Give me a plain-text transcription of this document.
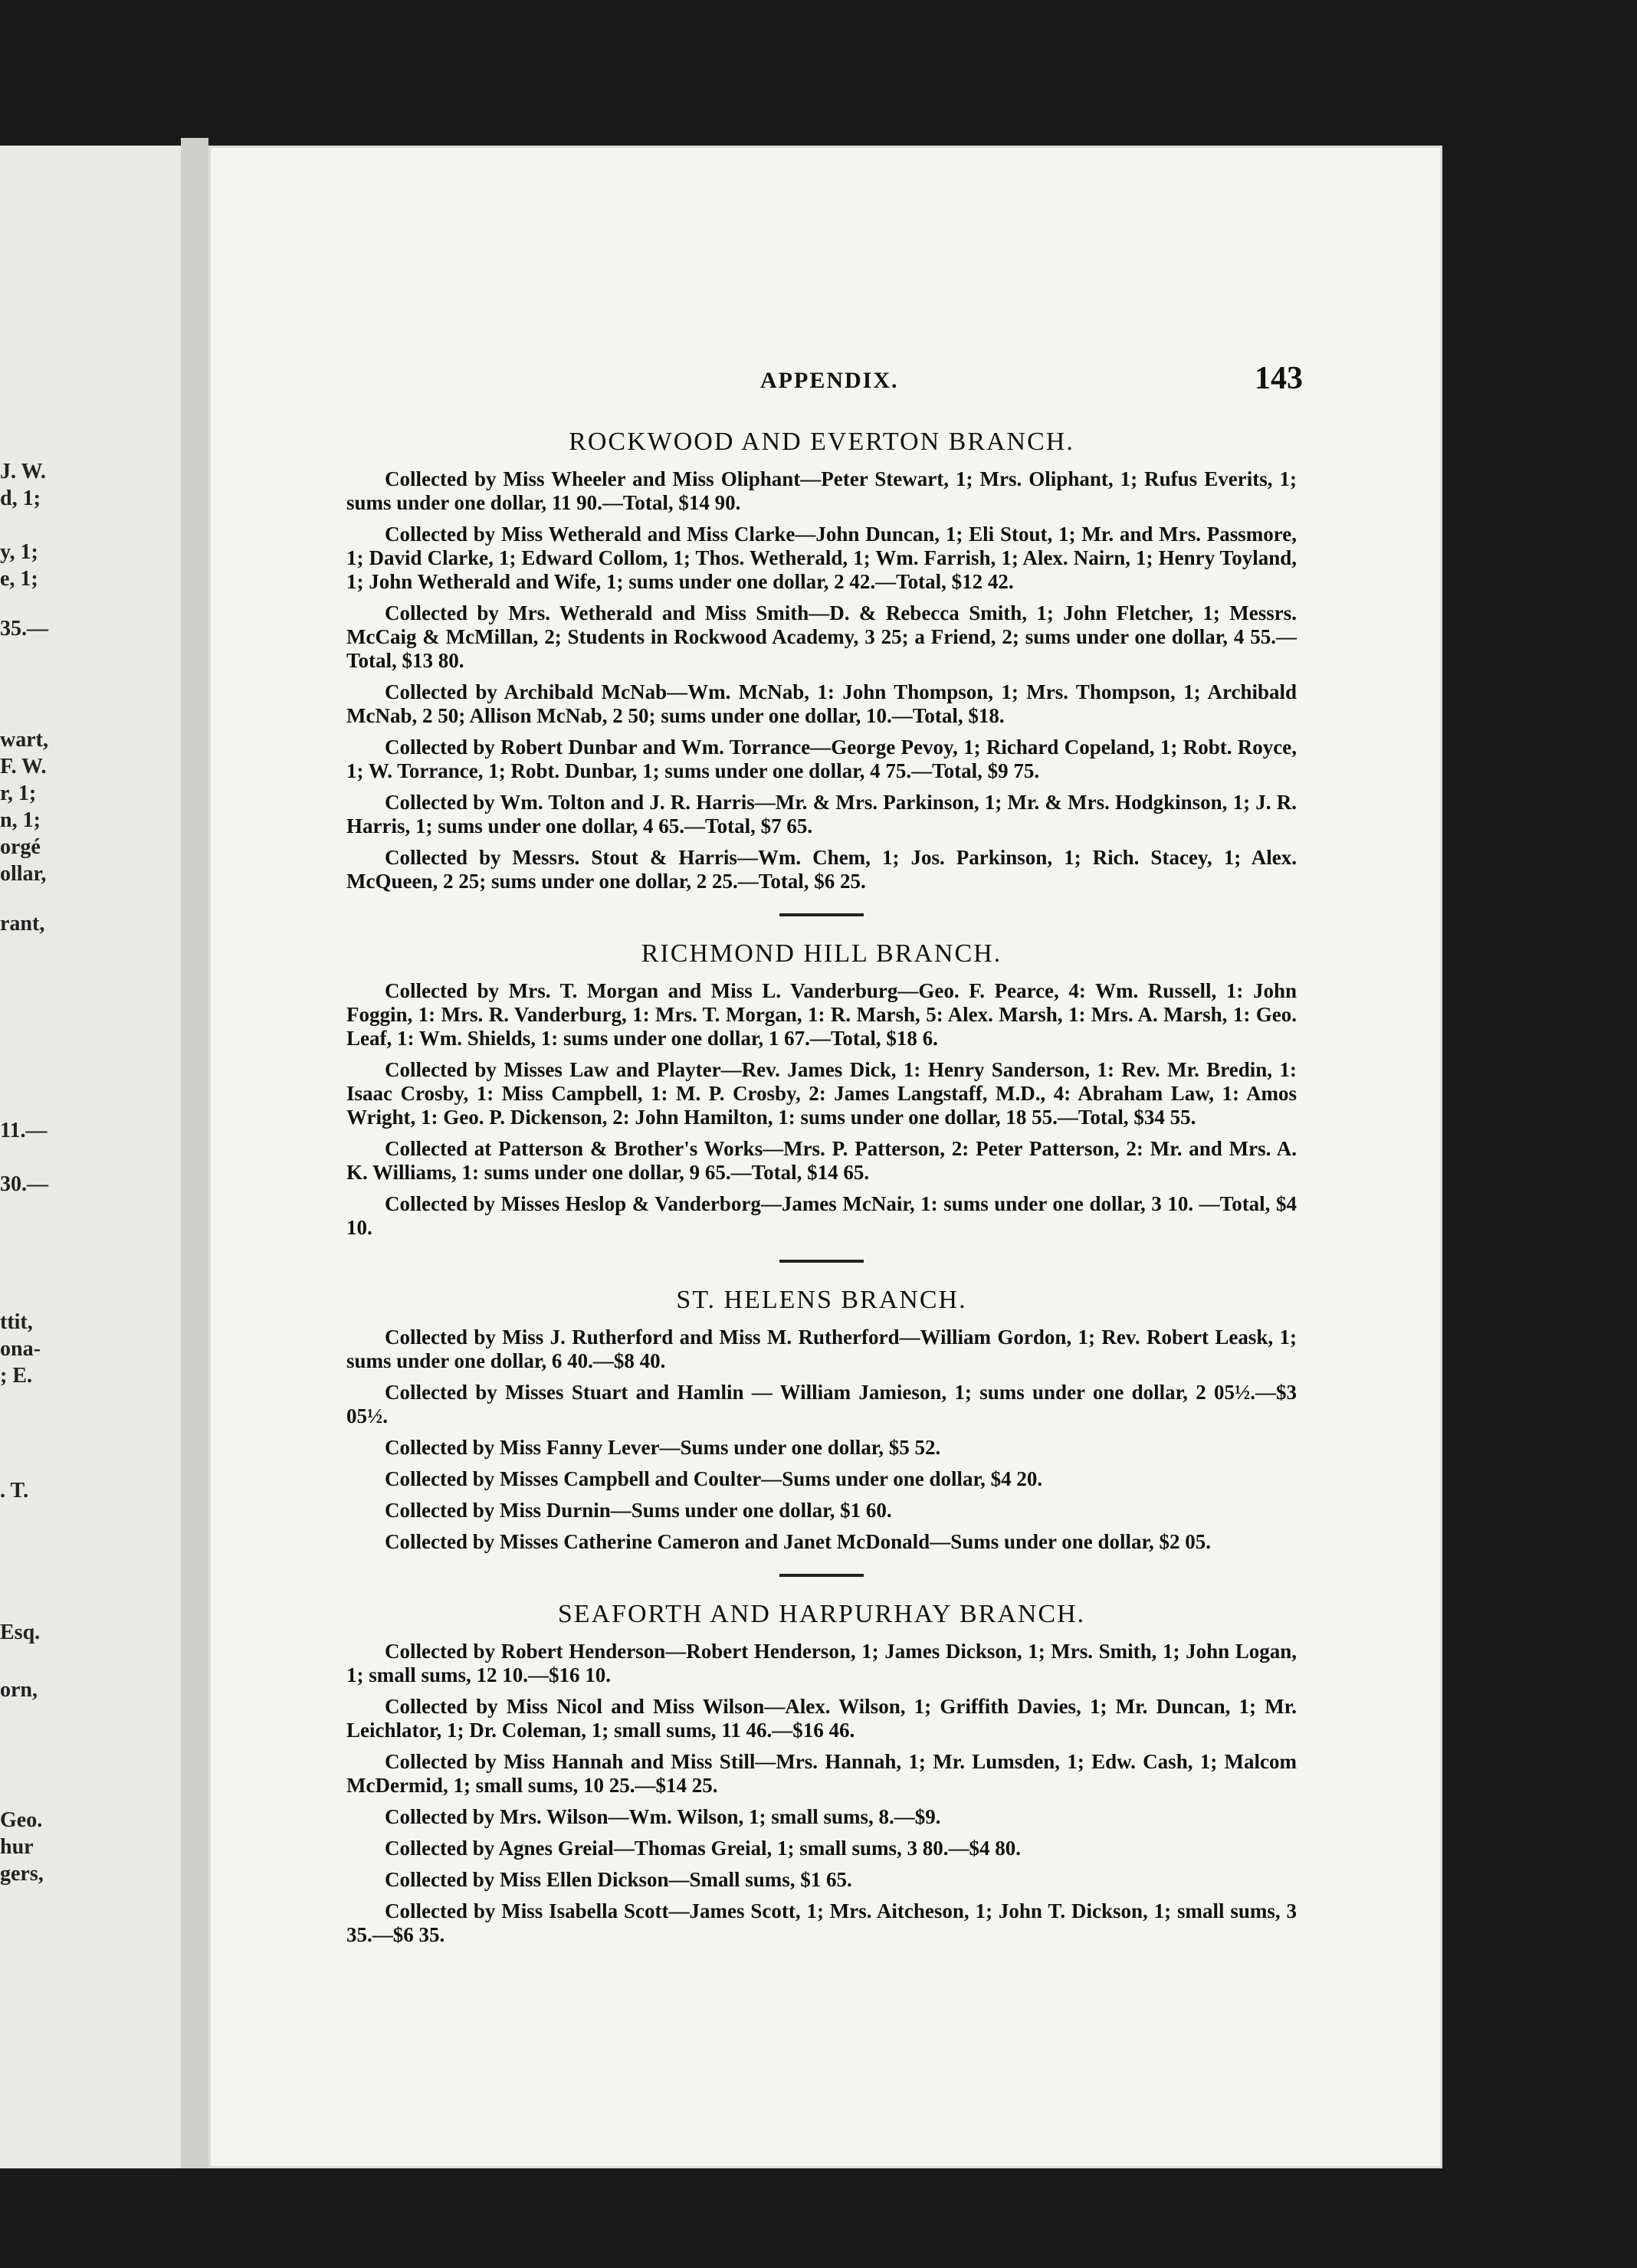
J. W.
d, 1;
y, 1;
e, 1;
35.—
wart,
F. W.
r, 1;
n, 1;
orgé
ollar,
rant,
11.—
30.—
ttit,
ona-
; E.
. T.
Esq.
orn,
Geo.
hur
gers,
APPENDIX.	143
ROCKWOOD AND EVERTON BRANCH.

Collected by Miss Wheeler and Miss Oliphant—Peter Stewart, 1; Mrs. Oliphant, 1; Rufus Everits, 1; sums under one dollar, 11 90.—Total, $14 90.

Collected by Miss Wetherald and Miss Clarke—John Duncan, 1; Eli Stout, 1; Mr. and Mrs. Passmore, 1; David Clarke, 1; Edward Collom, 1; Thos. Wetherald, 1; Wm. Farrish, 1; Alex. Nairn, 1; Henry Toyland, 1; John Wetherald and Wife, 1; sums under one dollar, 2 42.—Total, $12 42.

Collected by Mrs. Wetherald and Miss Smith—D. & Rebecca Smith, 1; John Fletcher, 1; Messrs. McCaig & McMillan, 2; Students in Rockwood Academy, 3 25; a Friend, 2; sums under one dollar, 4 55.—Total, $13 80.

Collected by Archibald McNab—Wm. McNab, 1: John Thompson, 1; Mrs. Thompson, 1; Archibald McNab, 2 50; Allison McNab, 2 50; sums under one dollar, 10.—Total, $18.

Collected by Robert Dunbar and Wm. Torrance—George Pevoy, 1; Richard Copeland, 1; Robt. Royce, 1; W. Torrance, 1; Robt. Dunbar, 1; sums under one dollar, 4 75.—Total, $9 75.

Collected by Wm. Tolton and J. R. Harris—Mr. & Mrs. Parkinson, 1; Mr. & Mrs. Hodgkinson, 1; J. R. Harris, 1; sums under one dollar, 4 65.—Total, $7 65.

Collected by Messrs. Stout & Harris—Wm. Chem, 1; Jos. Parkinson, 1; Rich. Stacey, 1; Alex. McQueen, 2 25; sums under one dollar, 2 25.—Total, $6 25.

RICHMOND HILL BRANCH.

Collected by Mrs. T. Morgan and Miss L. Vanderburg—Geo. F. Pearce, 4: Wm. Russell, 1: John Foggin, 1: Mrs. R. Vanderburg, 1: Mrs. T. Morgan, 1: R. Marsh, 5: Alex. Marsh, 1: Mrs. A. Marsh, 1: Geo. Leaf, 1: Wm. Shields, 1: sums under one dollar, 1 67.—Total, $18 6.

Collected by Misses Law and Playter—Rev. James Dick, 1: Henry Sanderson, 1: Rev. Mr. Bredin, 1: Isaac Crosby, 1: Miss Campbell, 1: M. P. Crosby, 2: James Langstaff, M.D., 4: Abraham Law, 1: Amos Wright, 1: Geo. P. Dickenson, 2: John Hamilton, 1: sums under one dollar, 18 55.—Total, $34 55.

Collected at Patterson & Brother's Works—Mrs. P. Patterson, 2: Peter Patterson, 2: Mr. and Mrs. A. K. Williams, 1: sums under one dollar, 9 65.—Total, $14 65.

Collected by Misses Heslop & Vanderborg—James McNair, 1: sums under one dollar, 3 10. —Total, $4 10.

ST. HELENS BRANCH.

Collected by Miss J. Rutherford and Miss M. Rutherford—William Gordon, 1; Rev. Robert Leask, 1; sums under one dollar, 6 40.—$8 40.

Collected by Misses Stuart and Hamlin — William Jamieson, 1; sums under one dollar, 2 05½.—$3 05½.

Collected by Miss Fanny Lever—Sums under one dollar, $5 52.

Collected by Misses Campbell and Coulter—Sums under one dollar, $4 20.

Collected by Miss Durnin—Sums under one dollar, $1 60.

Collected by Misses Catherine Cameron and Janet McDonald—Sums under one dollar, $2 05.

SEAFORTH AND HARPURHAY BRANCH.

Collected by Robert Henderson—Robert Henderson, 1; James Dickson, 1; Mrs. Smith, 1; John Logan, 1; small sums, 12 10.—$16 10.

Collected by Miss Nicol and Miss Wilson—Alex. Wilson, 1; Griffith Davies, 1; Mr. Duncan, 1; Mr. Leichlator, 1; Dr. Coleman, 1; small sums, 11 46.—$16 46.

Collected by Miss Hannah and Miss Still—Mrs. Hannah, 1; Mr. Lumsden, 1; Edw. Cash, 1; Malcom McDermid, 1; small sums, 10 25.—$14 25.

Collected by Mrs. Wilson—Wm. Wilson, 1; small sums, 8.—$9.

Collected by Agnes Greial—Thomas Greial, 1; small sums, 3 80.—$4 80.

Collected by Miss Ellen Dickson—Small sums, $1 65.

Collected by Miss Isabella Scott—James Scott, 1; Mrs. Aitcheson, 1; John T. Dickson, 1; small sums, 3 35.—$6 35.
